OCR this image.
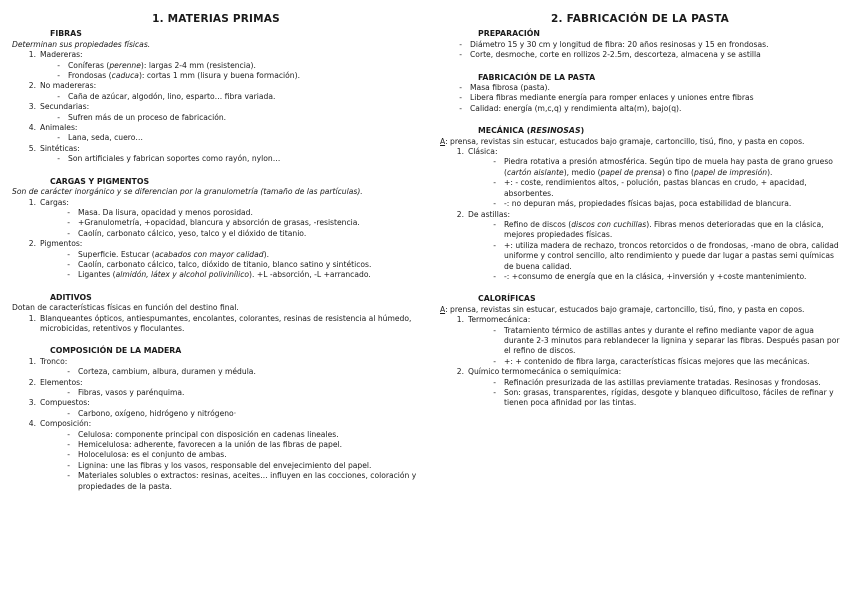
1. MATERIAS PRIMAS
FIBRAS
Determinan sus propiedades físicas.
1. Madereras:
-	Coníferas (perenne): largas 2-4 mm (resistencia).
-	Frondosas (caduca): cortas 1 mm (lisura y buena formación).
2. No madereras:
-	Caña de azúcar, algodón, lino, esparto… fibra variada.
3. Secundarias:
-	Sufren más de un proceso de fabricación.
4. Animales:
-	Lana, seda, cuero…
5. Sintéticas:
-	Son artificiales y fabrican soportes como rayón, nylon…
CARGAS Y PIGMENTOS
Son de carácter inorgánico y se diferencian por la granulometría (tamaño de las partículas).
1. Cargas:
-	Masa. Da lisura, opacidad y menos porosidad.
-	+Granulometría, +opacidad, blancura y absorción de grasas, -resistencia.
-	Caolín, carbonato cálcico, yeso, talco y el dióxido de titanio.
2. Pigmentos:
-	Superficie. Estucar (acabados con mayor calidad).
-	Caolín, carbonato cálcico, talco, dióxido de titanio, blanco satino y sintéticos.
-	Ligantes (almidón, látex y alcohol polivinílico). +L -absorción, -L +arrancado.
ADITIVOS
Dotan de características físicas en función del destino final.
1. Blanqueantes ópticos, antiespumantes, encolantes, colorantes, resinas de resistencia al húmedo, microbicidas, retentivos y floculantes.
COMPOSICIÓN DE LA MADERA
1. Tronco:
-	Corteza, cambium, albura, duramen y médula.
2. Elementos:
-	Fibras, vasos y parénquima.
3. Compuestos:
-	Carbono, oxígeno, hidrógeno y nitrógeno·
4. Composición:
-	Celulosa: componente principal con disposición en cadenas lineales.
-	Hemicelulosa: adherente, favorecen a la unión de las fibras de papel.
-	Holocelulosa: es el conjunto de ambas.
-	Lignina: une las fibras y los vasos, responsable del envejecimiento del papel.
-	Materiales solubles o extractos: resinas, aceites… influyen en las cocciones, coloración y propiedades de la pasta.
2. FABRICACIÓN DE LA PASTA
PREPARACIÓN
-	Diámetro 15 y 30 cm y longitud de fibra: 20 años resinosas y 15 en frondosas.
-	Corte, desmoche, corte en rollizos 2-2.5m, descorteza, almacena y se astilla
FABRICACIÓN DE LA PASTA
-	Masa fibrosa (pasta).
-	Libera fibras mediante energía para romper enlaces y uniones entre fibras
-	Calidad: energía (m,c,q) y rendimienta alta(m), bajo(q).
MECÁNICA (RESINOSAS)
A: prensa, revistas sin estucar, estucados bajo gramaje, cartoncillo, tisú, fino, y pasta en copos.
1. Clásica:
-	Piedra rotativa a presión atmosférica. Según tipo de muela hay pasta de grano grueso (cartón aislante), medio (papel de prensa) o fino (papel de impresión).
-	+: - coste, rendimientos altos, - polución, pastas blancas en crudo, + apacidad, absorbentes.
-	-: no depuran más, propiedades físicas bajas, poca estabilidad de blancura.
2. De astillas:
-	Refino de discos (discos con cuchillas). Fibras menos deterioradas que en la clásica, mejores propiedades físicas.
-	+: utiliza madera de rechazo, troncos retorcidos o de frondosas, -mano de obra, calidad uniforme y control sencillo, alto rendimiento y puede dar lugar a pastas semi químicas de buena calidad.
-	-: +consumo de energía que en la clásica, +inversión y +coste mantenimiento.
CALORÍFICAS
A: prensa, revistas sin estucar, estucados bajo gramaje, cartoncillo, tisú, fino, y pasta en copos.
1. Termomecánica:
-	Tratamiento térmico de astillas antes y durante el refino mediante vapor de agua durante 2-3 minutos para reblandecer la lignina y separar las fibras. Después pasan por el refino de discos.
-	+: + contenido de fibra larga, características físicas mejores que las mecánicas.
2. Químico termomecánica o semiquímica:
-	Refinación presurizada de las astillas previamente tratadas. Resinosas y frondosas.
-	Son: grasas, transparentes, rígidas, desgote y blanqueo dificultoso, fáciles de refinar y tienen poca afinidad por las tintas.
